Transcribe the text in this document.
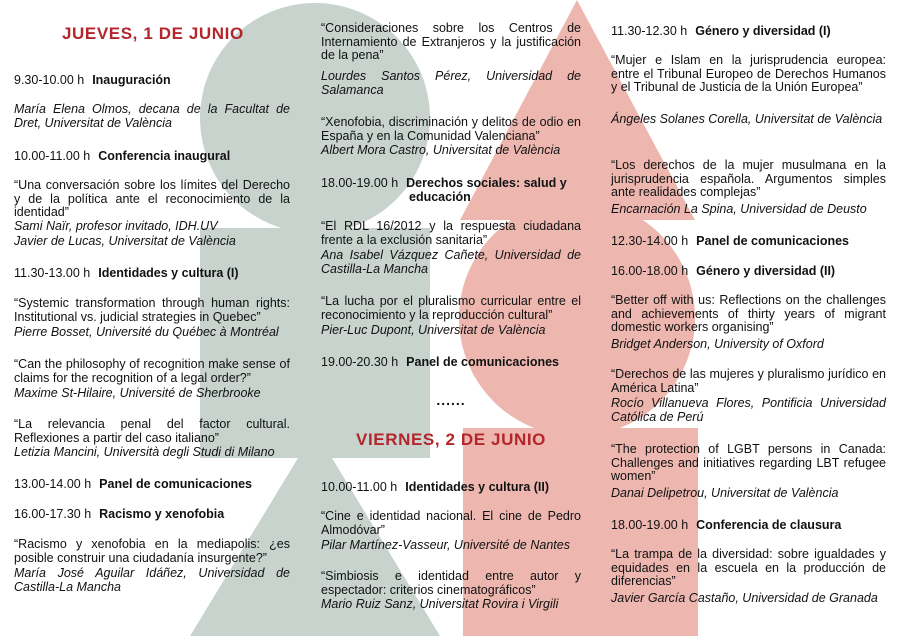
JUEVES, 1 DE JUNIO
9.30-10.00 h Inauguración
María Elena Olmos, decana de la Facultat de Dret, Universitat de València
10.00-11.00 h Conferencia inaugural
“Una conversación sobre los límites del Derecho y de la política ante el reconocimiento de la identidad”
Sami Naïr, profesor invitado, IDH.UV
Javier de Lucas, Universitat de València
11.30-13.00 h Identidades y cultura (I)
“Systemic transformation through human rights: Institutional vs. judicial strategies in Quebec”
Pierre Bosset, Université du Québec à Montréal
“Can the philosophy of recognition make sense of claims for the recognition of a legal order?”
Maxime St-Hilaire, Université de Sherbrooke
“La relevancia penal del factor cultural. Reflexiones a partir del caso italiano”
Letizia Mancini, Università degli Studi di Milano
13.00-14.00 h Panel de comunicaciones
16.00-17.30 h Racismo y xenofobia
“Racismo y xenofobia en la mediapolis: ¿es posible construir una ciudadanía insurgente?”
María José Aguilar Idáñez, Universidad de Castilla-La Mancha
“Consideraciones sobre los Centros de Internamiento de Extranjeros y la justificación de la pena”
Lourdes Santos Pérez, Universidad de Salamanca
“Xenofobia, discriminación y delitos de odio en España y en la Comunidad Valenciana”
Albert Mora Castro, Universitat de València
18.00-19.00 h Derechos sociales: salud y
educación
“El RDL 16/2012 y la respuesta ciudadana frente a la exclusión sanitaria”
Ana Isabel Vázquez Cañete, Universidad de Castilla-La Mancha
“La lucha por el pluralismo curricular entre el reconocimiento y la reproducción cultural”
Pier-Luc Dupont, Universitat de València
19.00-20.30 h Panel de comunicaciones
......
VIERNES, 2 DE JUNIO
10.00-11.00 h Identidades y cultura (II)
“Cine e identidad nacional. El cine de Pedro Almodóvar”
Pilar Martínez-Vasseur, Université de Nantes
“Simbiosis e identidad entre autor y espectador: criterios cinematográficos”
Mario Ruiz Sanz, Universitat Rovira i Virgili
11.30-12.30 h Género y diversidad (I)
“Mujer e Islam en la jurisprudencia europea: entre el Tribunal Europeo de Derechos Humanos y el Tribunal de Justicia de la Unión Europea”
Ángeles Solanes Corella, Universitat de València
“Los derechos de la mujer musulmana en la jurisprudencia española. Argumentos simples ante realidades complejas”
Encarnación La Spina, Universidad de Deusto
12.30-14.00 h Panel de comunicaciones
16.00-18.00 h Género y diversidad (II)
“Better off with us: Reflections on the challenges and achievements of thirty years of migrant domestic workers organising”
Bridget Anderson, University of Oxford
“Derechos de las mujeres y pluralismo jurídico en América Latina”
Rocío Villanueva Flores, Pontificia Universidad Católica de Perú
“The protection of LGBT persons in Canada: Challenges and initiatives regarding LBT refugee women”
Danai Delipetrou, Universitat de València
18.00-19.00 h Conferencia de clausura
“La trampa de la diversidad: sobre igualdades y equidades en la escuela en la producción de diferencias”
Javier García Castaño, Universidad de Granada
